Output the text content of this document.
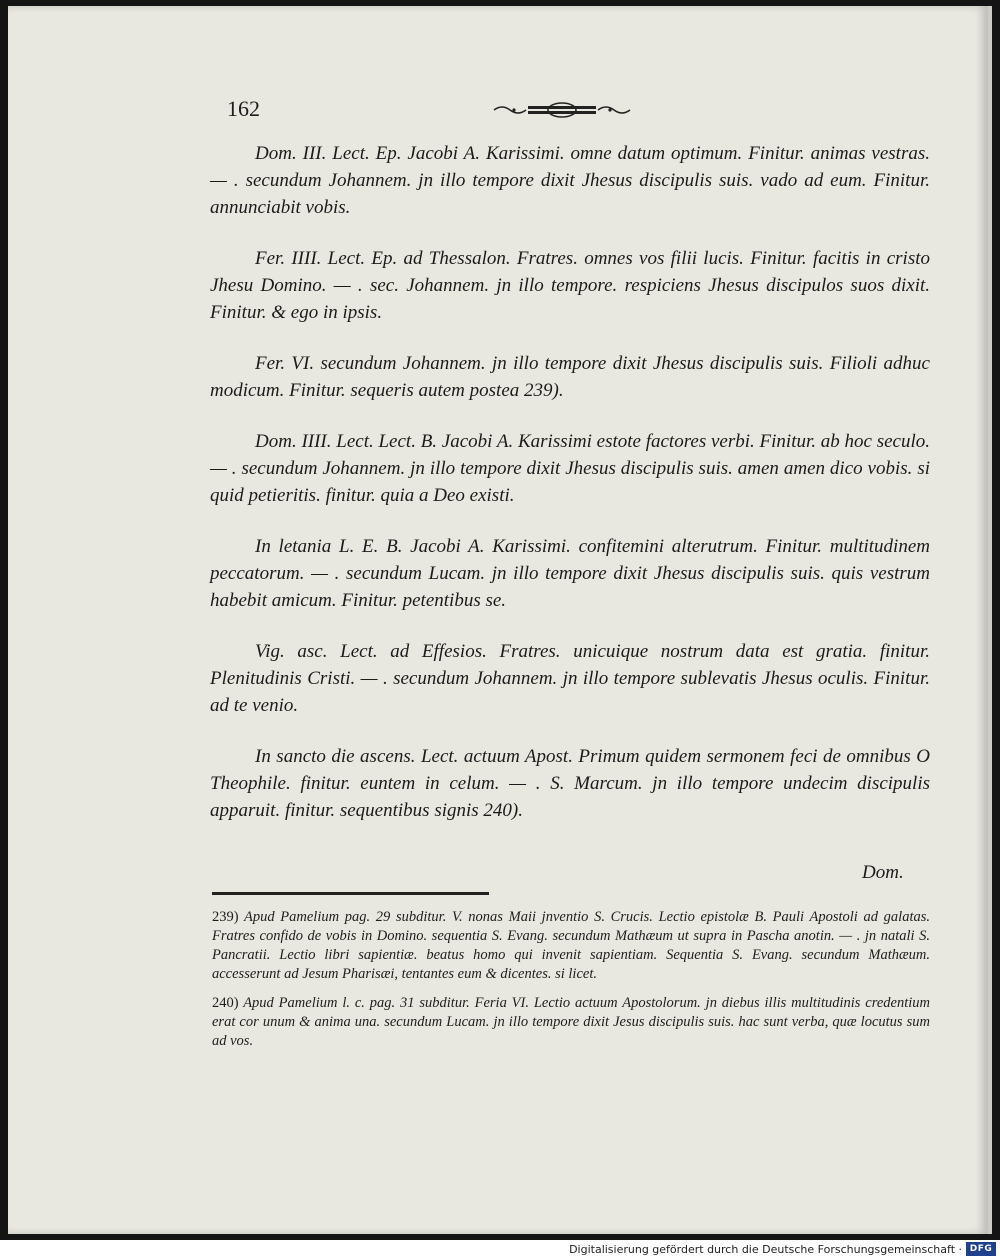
162

Dom. III. Lect. Ep. Jacobi A. Karissimi. omne datum optimum. Finitur. animas vestras. — . secundum Johannem. jn illo tempore dixit Jhesus discipulis suis. vado ad eum. Finitur. annunciabit vobis.

Fer. IIII. Lect. Ep. ad Thessalon. Fratres. omnes vos filii lucis. Finitur. facitis in cristo Jhesu Domino. — . sec. Johannem. jn illo tempore. respiciens Jhesus discipulos suos dixit. Finitur. & ego in ipsis.

Fer. VI. secundum Johannem. jn illo tempore dixit Jhesus discipulis suis. Filioli adhuc modicum. Finitur. sequeris autem postea 239).

Dom. IIII. Lect. Lect. B. Jacobi A. Karissimi estote factores verbi. Finitur. ab hoc seculo. — . secundum Johannem. jn illo tempore dixit Jhesus discipulis suis. amen amen dico vobis. si quid petieritis. finitur. quia a Deo existi.

In letania L. E. B. Jacobi A. Karissimi. confitemini alterutrum. Finitur. multitudinem peccatorum. — . secundum Lucam. jn illo tempore dixit Jhesus discipulis suis. quis vestrum habebit amicum. Finitur. petentibus se.

Vig. asc. Lect. ad Effesios. Fratres. unicuique nostrum data est gratia. finitur. Plenitudinis Cristi. — . secundum Johannem. jn illo tempore sublevatis Jhesus oculis. Finitur. ad te venio.

In sancto die ascens. Lect. actuum Apost. Primum quidem sermonem feci de omnibus O Theophile. finitur. euntem in celum. — . S. Marcum. jn illo tempore undecim discipulis apparuit. finitur. sequentibus signis 240).

Dom.

239) Apud Pamelium pag. 29 subditur. V. nonas Maii jnventio S. Crucis. Lectio epistolæ B. Pauli Apostoli ad galatas. Fratres confido de vobis in Domino. sequentia S. Evang. secundum Mathæum ut supra in Pascha anotin. — . jn natali S. Pancratii. Lectio libri sapientiæ. beatus homo qui invenit sapientiam. Sequentia S. Evang. secundum Mathæum. accesserunt ad Jesum Pharisæi, tentantes eum & dicentes. si licet.

240) Apud Pamelium l. c. pag. 31 subditur. Feria VI. Lectio actuum Apostolorum. jn diebus illis multitudinis credentium erat cor unum & anima una. secundum Lucam. jn illo tempore dixit Jesus discipulis suis. hac sunt verba, quæ locutus sum ad vos.

Digitalisierung gefördert durch die Deutsche Forschungsgemeinschaft · DFG
